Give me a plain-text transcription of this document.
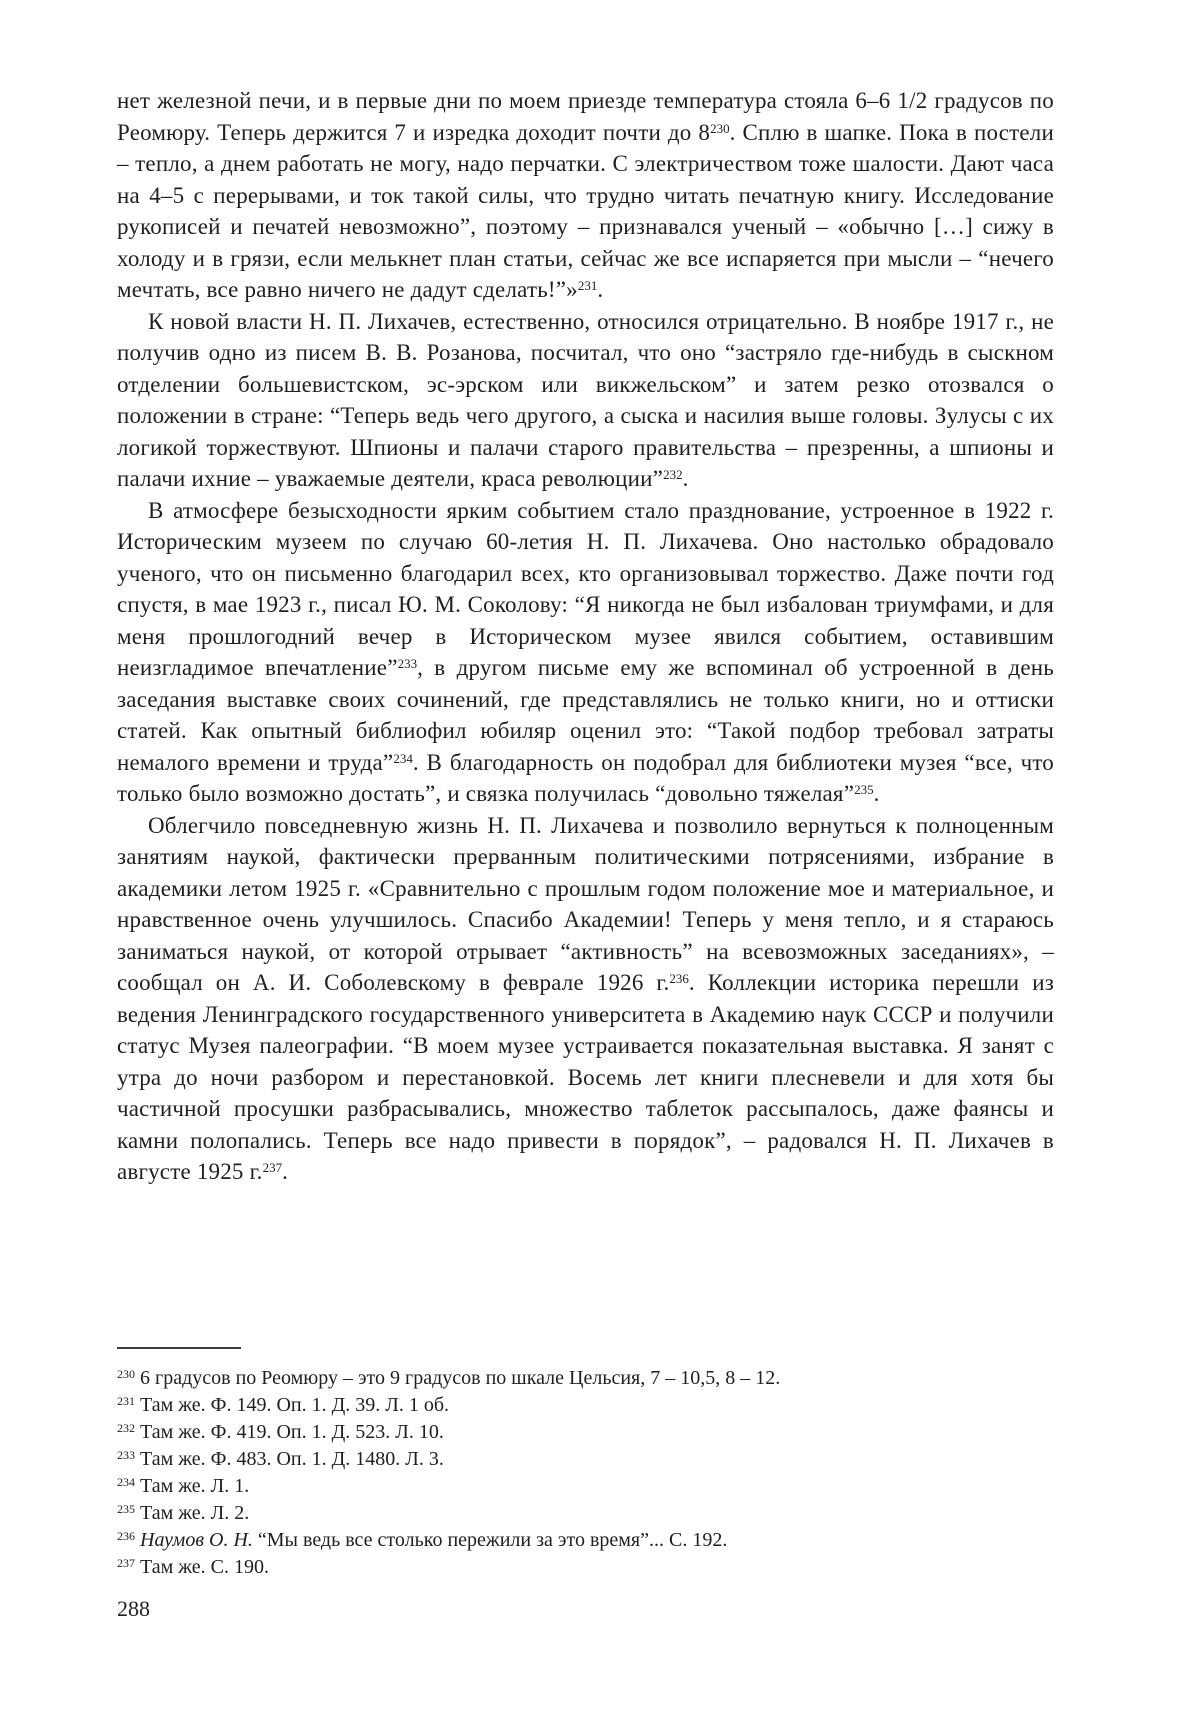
нет железной печи, и в первые дни по моем приезде температура стояла 6–6 1/2 градусов по Реомюру. Теперь держится 7 и изредка доходит почти до 8$^{230}$. Сплю в шапке. Пока в постели – тепло, а днем работать не могу, надо перчатки. С электричеством тоже шалости. Дают часа на 4–5 с перерывами, и ток такой силы, что трудно читать печатную книгу. Исследование рукописей и печатей невозможно”, поэтому – признавался ученый – «обычно […] сижу в холоду и в грязи, если мелькнет план статьи, сейчас же все испаряется при мысли – “нечего мечтать, все равно ничего не дадут сделать!”»$^{231}$.

К новой власти Н. П. Лихачев, естественно, относился отрицательно. В ноябре 1917 г., не получив одно из писем В. В. Розанова, посчитал, что оно “застряло где-нибудь в сыскном отделении большевистском, эс-эрском или викжельском” и затем резко отозвался о положении в стране: “Теперь ведь чего другого, а сыска и насилия выше головы. Зулусы с их логикой торжествуют. Шпионы и палачи старого правительства – презренны, а шпионы и палачи ихние – уважаемые деятели, краса революции”$^{232}$.

В атмосфере безысходности ярким событием стало празднование, устроенное в 1922 г. Историческим музеем по случаю 60-летия Н. П. Лихачева. Оно настолько обрадовало ученого, что он письменно благодарил всех, кто организовывал торжество. Даже почти год спустя, в мае 1923 г., писал Ю. М. Соколову: “Я никогда не был избалован триумфами, и для меня прошлогодний вечер в Историческом музее явился событием, оставившим неизгладимое впечатление”$^{233}$, в другом письме ему же вспоминал об устроенной в день заседания выставке своих сочинений, где представлялись не только книги, но и оттиски статей. Как опытный библиофил юбиляр оценил это: “Такой подбор требовал затраты немалого времени и труда”$^{234}$. В благодарность он подобрал для библиотеки музея “все, что только было возможно достать”, и связка получилась “довольно тяжелая”$^{235}$.

Облегчило повседневную жизнь Н. П. Лихачева и позволило вернуться к полноценным занятиям наукой, фактически прерванным политическими потрясениями, избрание в академики летом 1925 г. «Сравнительно с прошлым годом положение мое и материальное, и нравственное очень улучшилось. Спасибо Академии! Теперь у меня тепло, и я стараюсь заниматься наукой, от которой отрывает “активность” на всевозможных заседаниях», – сообщал он А. И. Соболевскому в феврале 1926 г.$^{236}$. Коллекции историка перешли из ведения Ленинградского государственного университета в Академию наук СССР и получили статус Музея палеографии. “В моем музее устраивается показательная выставка. Я занят с утра до ночи разбором и перестановкой. Восемь лет книги плесневели и для хотя бы частичной просушки разбрасывались, множество таблеток рассыпалось, даже фаянсы и камни полопались. Теперь все надо привести в порядок”, – радовался Н. П. Лихачев в августе 1925 г.$^{237}$.

$^{230}$ 6 градусов по Реомюру – это 9 градусов по шкале Цельсия, 7 – 10,5, 8 – 12.

$^{231}$ Там же. Ф. 149. Оп. 1. Д. 39. Л. 1 об.

$^{232}$ Там же. Ф. 419. Оп. 1. Д. 523. Л. 10.

$^{233}$ Там же. Ф. 483. Оп. 1. Д. 1480. Л. 3.

$^{234}$ Там же. Л. 1.

$^{235}$ Там же. Л. 2.

$^{236}$ Наумов О. Н. “Мы ведь все столько пережили за это время”... С. 192.

$^{237}$ Там же. С. 190.

288
